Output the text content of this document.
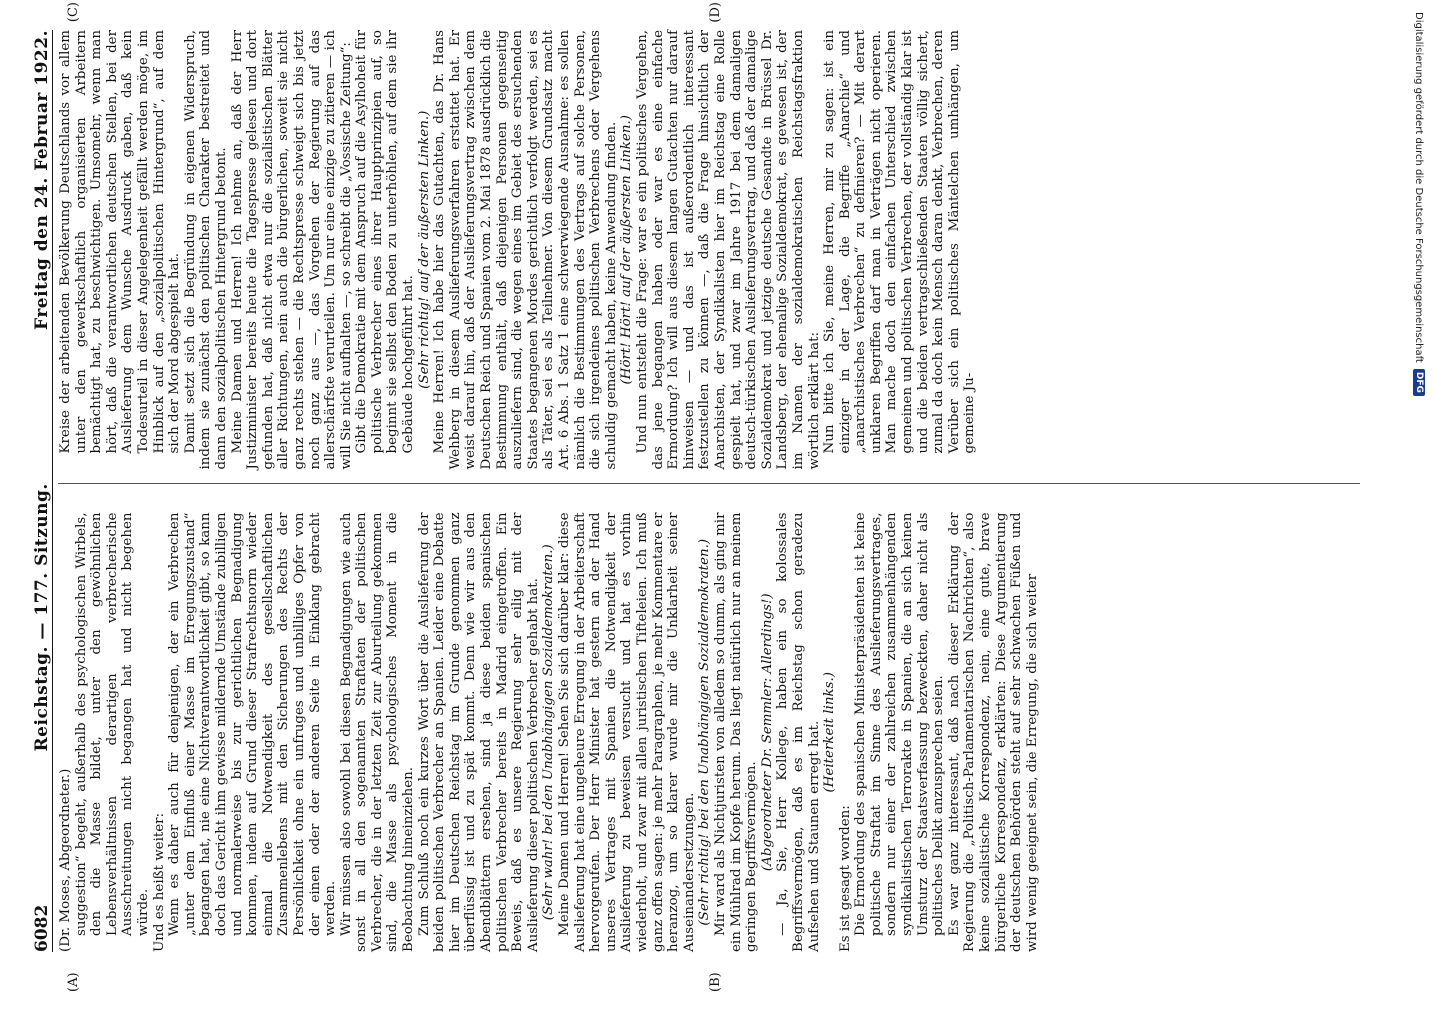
6082
Reichstag. — 177. Sitzung.
Freitag den 24. Februar 1922.
(A)	(B)

(Dr. Moses, Abgeordneter.) suggestion“ begeht, außerhalb des psychologischen Wirbels, den die Masse bildet, unter den gewöhnlichen Lebensverhältnissen derartigen verbrecherische Ausschreitungen nicht begangen hat und nicht begehen würde. Und es heißt weiter: Wenn es daher auch für denjenigen, der ein Verbrechen „unter dem Einfluß einer Masse im Erregungszustand“ begangen hat, nie eine Nichtverantwortlichkeit gibt, so kann doch das Gericht ihm gewisse mildernde Umstände zubilligen und normalerweise bis zur gerichtlichen Begnadigung kommen, indem auf Grund dieser Strafrechtsnorm wieder einmal die Notwendigkeit des gesellschaftlichen Zusammenlebens mit den Sicherungen des Rechts der Persönlichkeit ohne ein unfruges und unbilliges Opfer von der einen oder der anderen Seite in Einklang gebracht werden. Wir müssen also sowohl bei diesen Begnadigungen wie auch sonst in all den sogenannten Straftaten der politischen Verbrecher, die in der letzten Zeit zur Aburteilung gekommen sind, die Masse als psychologisches Moment in die Beobachtung hineinziehen. Zum Schluß noch ein kurzes Wort über die Auslieferung der beiden politischen Verbrecher an Spanien. Leider eine Debatte hier im Deutschen Reichstag im Grunde genommen ganz überflüssig ist und zu spät kommt. Denn wie wir aus den Abendblättern ersehen, sind ja diese beiden spanischen politischen Verbrecher bereits in Madrid eingetroffen. Ein Beweis, daß es unsere Regierung sehr eilig mit der Auslieferung dieser politischen Verbrecher gehabt hat. (Sehr wahr! bei den Unabhängigen Sozialdemokraten.) Meine Damen und Herren! Sehen Sie sich darüber klar: diese Auslieferung hat eine ungeheure Erregung in der Arbeiterschaft hervorgerufen. Der Herr Minister hat gestern an der Hand unseres Vertrages mit Spanien die Notwendigkeit der Auslieferung zu beweisen versucht und hat es vorhin wiederholt, und zwar mit allen juristischen Tifteleien. Ich muß ganz offen sagen: je mehr Paragraphen, je mehr Kommentare er heranzog, um so klarer wurde mir die Unklarheit seiner Auseinandersetzungen. (Sehr richtig! bei den Unabhängigen Sozialdemokraten.) Mir ward als Nichtjuristen von alledem so dumm, als ging mir ein Mühlrad im Kopfe herum. Das liegt natürlich nur an meinem geringen Begriffsvermögen. (Abgeordneter Dr. Semmler: Allerdings!) — Ja, Sie, Herr Kollege, haben ein so kolossales Begriffsvermögen, daß es im Reichstag schon geradezu Aufsehen und Staunen erregt hat. (Heiterkeit links.)

Es ist gesagt worden: Die Ermordung des spanischen Ministerpräsidenten ist keine politische Straftat im Sinne des Auslieferungsvertrages, sondern nur einer der zahlreichen zusammenhängenden syndikalistischen Terrorakte in Spanien, die an sich keinen Umsturz der Staatsverfassung bezweckten, daher nicht als politisches Delikt anzusprechen seien. Es war ganz interessant, daß nach dieser Erklärung der Regierung die „Politisch-Parlamentarischen Nachrichten“, also keine sozialistische Korrespondenz, nein, eine gute, brave bürgerliche Korrespondenz, erklärten: Diese Argumentierung der deutschen Behörden steht auf sehr schwachen Füßen und wird wenig geeignet sein, die Erregung, die sich weiter

(C)	(D)

Kreise der arbeitenden Bevölkerung Deutschlands vor allem unter den gewerkschaftlich organisierten Arbeitern bemächtigt hat, zu beschwichtigen. Umsomehr, wenn man hört, daß die verantwortlichen deutschen Stellen, bei der Auslieferung dem Wunsche Ausdruck gaben, daß kein Todesurteil in dieser Angelegenheit gefällt werden möge, im Hinblick auf den „sozialpolitischen Hintergrund“, auf dem sich der Mord abgespielt hat. Damit setzt sich die Begründung in eigenen Widerspruch, indem sie zunächst den politischen Charakter bestreitet und dann den sozialpolitischen Hintergrund betont. Meine Damen und Herren! Ich nehme an, daß der Herr Justizminister bereits heute die Tagespresse gelesen und dort gefunden hat, daß nicht etwa nur die sozialistischen Blätter aller Richtungen, nein auch die bürgerlichen, soweit sie nicht ganz rechts stehen — die Rechtspresse schweigt sich bis jetzt noch ganz aus —, das Vorgehen der Regierung auf das allerschärfste verurteilen. Um nur eine einzige zu zitieren — ich will Sie nicht aufhalten —, so schreibt die „Vossische Zeitung“: Gibt die Demokratie mit dem Anspruch auf die Asylhoheit für politische Verbrecher eines ihrer Hauptprinzipien auf, so beginnt sie selbst den Boden zu unterhöhlen, auf dem sie ihr Gebäude hochgeführt hat. (Sehr richtig! auf der äußersten Linken.) Meine Herren! Ich habe hier das Gutachten, das Dr. Hans Wehberg in diesem Auslieferungsverfahren erstattet hat. Er weist darauf hin, daß der Auslieferungsvertrag zwischen dem Deutschen Reich und Spanien vom 2. Mai 1878 ausdrücklich die Bestimmung enthält, daß diejenigen Personen gegenseitig auszuliefern sind, die wegen eines im Gebiet des ersuchenden Staates begangenen Mordes gerichtlich verfolgt werden, sei es als Täter, sei es als Teilnehmer. Von diesem Grundsatz macht Art. 6 Abs. 1 Satz 1 eine schwerwiegende Ausnahme: es sollen nämlich die Bestimmungen des Vertrags auf solche Personen, die sich irgendeines politischen Verbrechens oder Vergehens schuldig gemacht haben, keine Anwendung finden. (Hört! Hört! auf der äußersten Linken.) Und nun entsteht die Frage: war es ein politisches Vergehen, das jene begangen haben oder war es eine einfache Ermordung? Ich will aus diesem langen Gutachten nur darauf hinweisen — und das ist außerordentlich interessant festzustellen zu können —, daß die Frage hinsichtlich der Anarchisten, der Syndikalisten hier im Reichstag eine Rolle gespielt hat, und zwar im Jahre 1917 bei dem damaligen deutsch-türkischen Auslieferungsvertrag, und daß der damalige Sozialdemokrat und jetzige deutsche Gesandte in Brüssel Dr. Landsberg, der ehemalige Sozialdemokrat, es gewesen ist, der im Namen der sozialdemokratischen Reichstagsfraktion wörtlich erklärt hat: Nun bitte ich Sie, meine Herren, mir zu sagen: ist ein einziger in der Lage, die Begriffe „Anarchie“ und „anarchistisches Verbrechen“ zu definieren? — Mit derart unklaren Begriffen darf man in Verträgen nicht operieren. Man mache doch den einfachen Unterschied zwischen gemeinen und politischen Verbrechen, der vollständig klar ist und die beiden vertragschließenden Staaten völlig sichert, zumal da doch kein Mensch daran denkt, Verbrechen, deren Verüber sich ein politisches Mäntelchen umhängen, um gemeine Ju-

Digitalisierung gefördert durch die Deutsche Forschungsgemeinschaft
DFG
